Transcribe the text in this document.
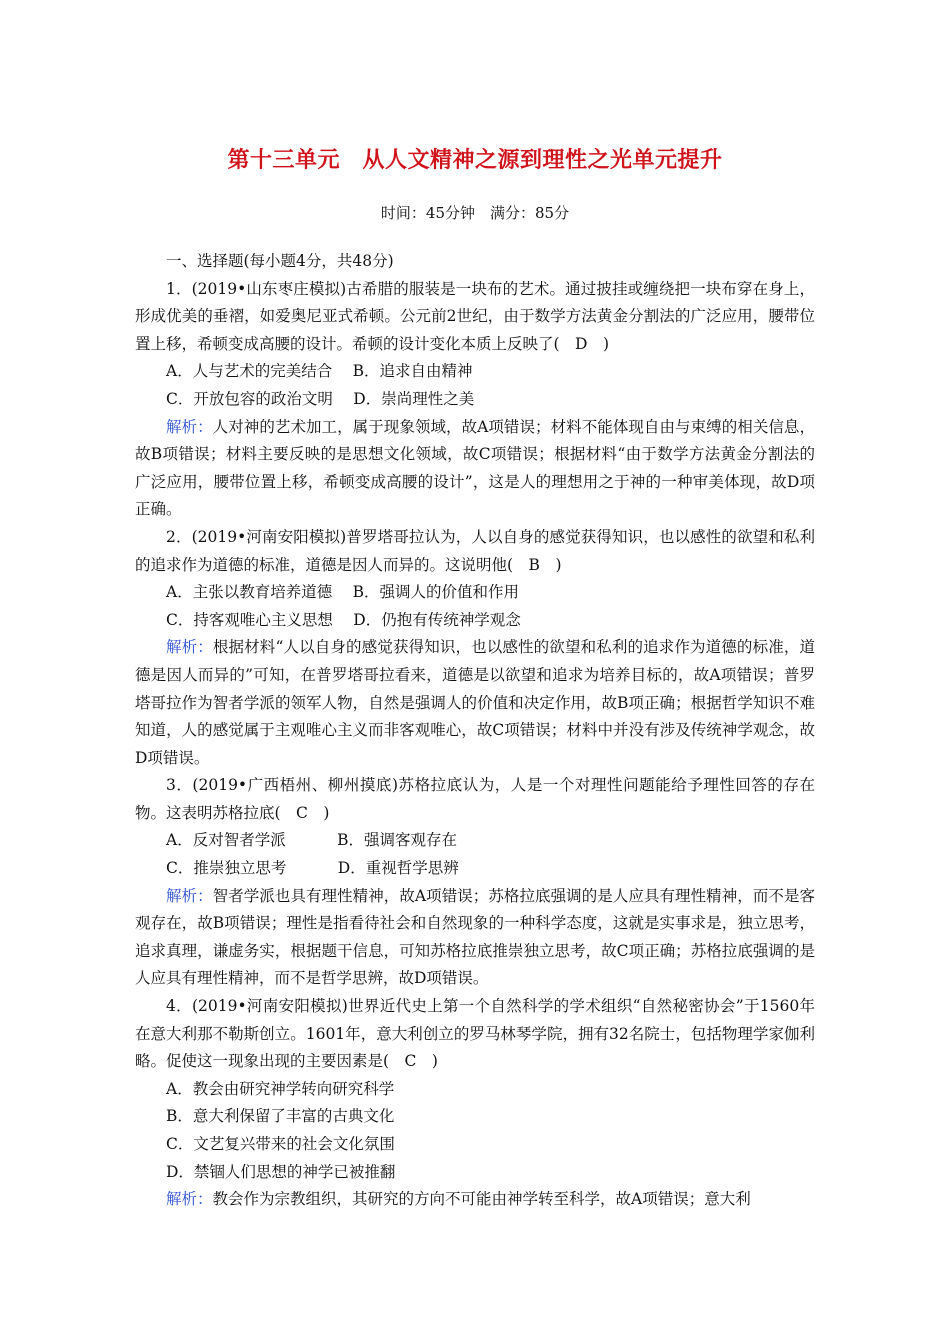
第十三单元　从人文精神之源到理性之光单元提升
时间：45分钟　满分：85分

一、选择题(每小题4分，共48分)

1．(2019•山东枣庄模拟)古希腊的服装是一块布的艺术。通过披挂或缠绕把一块布穿在身上，形成优美的垂褶，如爱奥尼亚式希顿。公元前2世纪，由于数学方法黄金分割法的广泛应用，腰带位置上移，希顿变成高腰的设计。希顿的设计变化本质上反映了(　D　)

A．人与艺术的完美结合　 B．追求自由精神

C．开放包容的政治文明　 D．崇尚理性之美

解析：人对神的艺术加工，属于现象领域，故A项错误；材料不能体现自由与束缚的相关信息，故B项错误；材料主要反映的是思想文化领域，故C项错误；根据材料“由于数学方法黄金分割法的广泛应用，腰带位置上移，希顿变成高腰的设计”，这是人的理想用之于神的一种审美体现，故D项正确。

2．(2019•河南安阳模拟)普罗塔哥拉认为，人以自身的感觉获得知识，也以感性的欲望和私利的追求作为道德的标准，道德是因人而异的。这说明他(　B　)

A．主张以教育培养道德　 B．强调人的价值和作用

C．持客观唯心主义思想　 D．仍抱有传统神学观念

解析：根据材料“人以自身的感觉获得知识，也以感性的欲望和私利的追求作为道德的标准，道德是因人而异的”可知，在普罗塔哥拉看来，道德是以欲望和追求为培养目标的，故A项错误；普罗塔哥拉作为智者学派的领军人物，自然是强调人的价值和决定作用，故B项正确；根据哲学知识不难知道，人的感觉属于主观唯心主义而非客观唯心，故C项错误；材料中并没有涉及传统神学观念，故D项错误。

3．(2019•广西梧州、柳州摸底)苏格拉底认为，人是一个对理性问题能给予理性回答的存在物。这表明苏格拉底(　C　)

A．反对智者学派　　　 B．强调客观存在

C．推崇独立思考　　　 D．重视哲学思辨

解析：智者学派也具有理性精神，故A项错误；苏格拉底强调的是人应具有理性精神，而不是客观存在，故B项错误；理性是指看待社会和自然现象的一种科学态度，这就是实事求是，独立思考，追求真理，谦虚务实，根据题干信息，可知苏格拉底推崇独立思考，故C项正确；苏格拉底强调的是人应具有理性精神，而不是哲学思辨，故D项错误。

4．(2019•河南安阳模拟)世界近代史上第一个自然科学的学术组织“自然秘密协会”于1560年在意大利那不勒斯创立。1601年，意大利创立的罗马林琴学院，拥有32名院士，包括物理学家伽利略。促使这一现象出现的主要因素是(　C　)

A．教会由研究神学转向研究科学

B．意大利保留了丰富的古典文化

C．文艺复兴带来的社会文化氛围

D．禁锢人们思想的神学已被推翻

解析：教会作为宗教组织，其研究的方向不可能由神学转至科学，故A项错误；意大利
